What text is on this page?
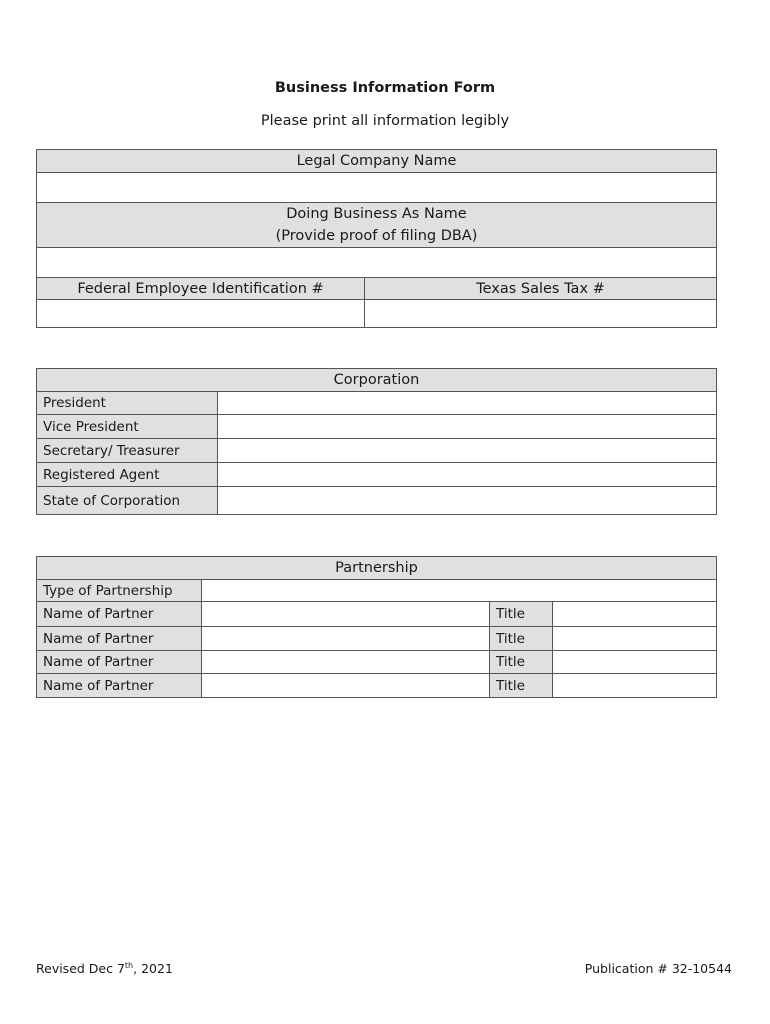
Business Information Form
Please print all information legibly
Legal Company Name	

Doing Business As Name
(Provide proof of filing DBA)	

Federal Employee Identification #	Texas Sales Tax #

Corporation	
President	
Vice President	
Secretary/ Treasurer	
Registered Agent	
State of Corporation	
Partnership			
Type of Partnership			
Name of Partner		Title	
Name of Partner		Title	
Name of Partner		Title	
Name of Partner		Title	
Revised Dec 7th, 2021	Publication # 32-10544
